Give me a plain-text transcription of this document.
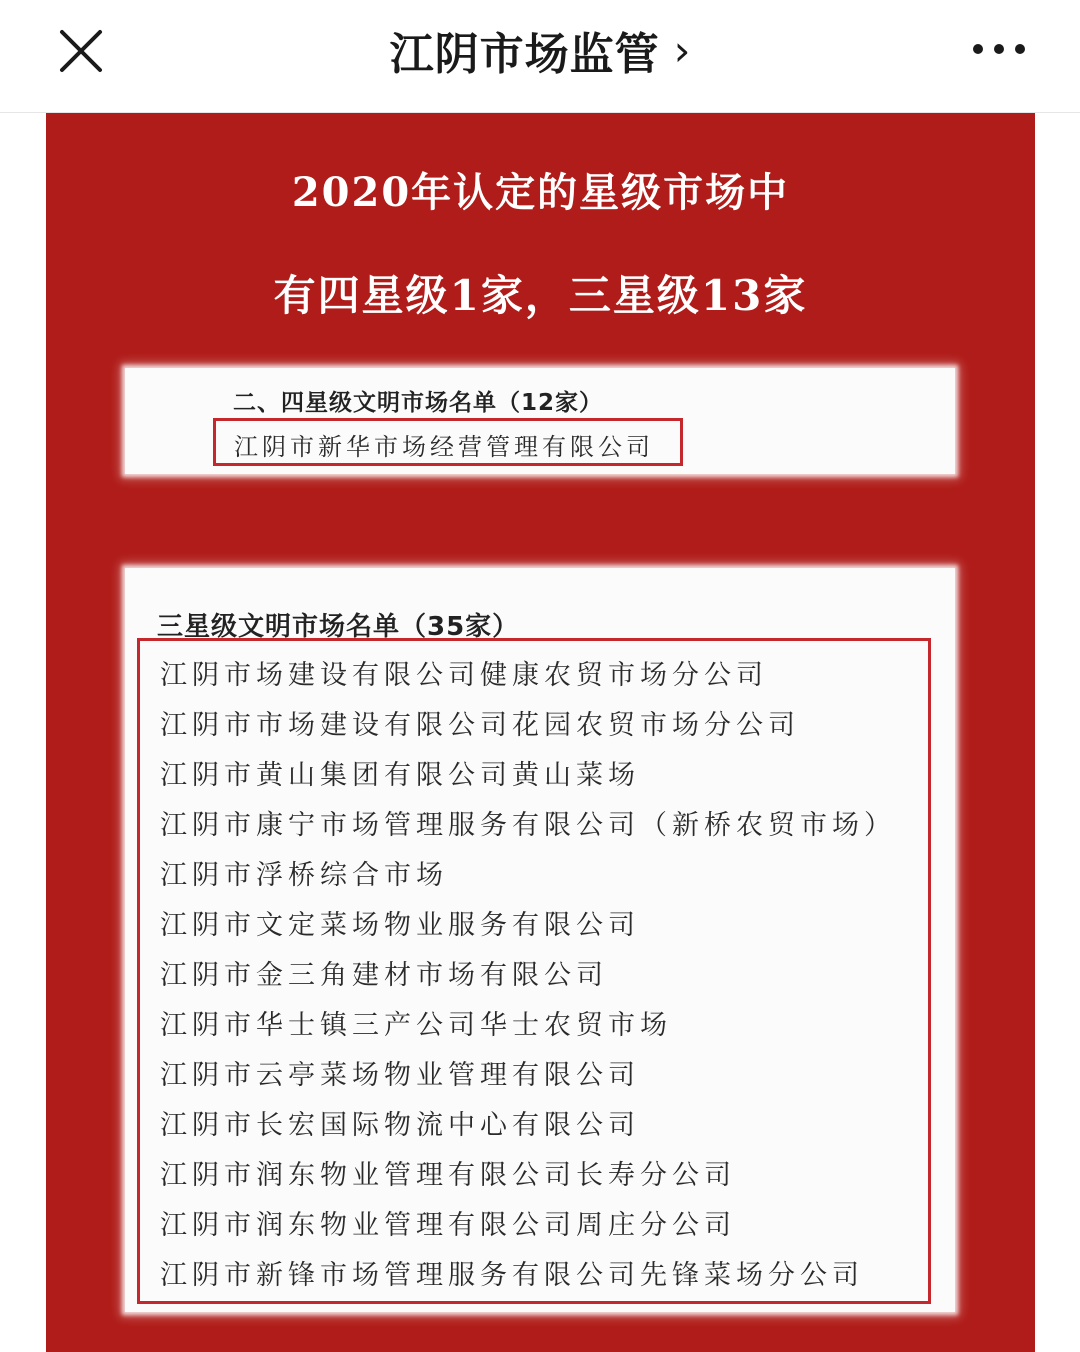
江阴市场监管 ›
2020年认定的星级市场中
有四星级1家，三星级13家
二、四星级文明市场名单（12家）
江阴市新华市场经营管理有限公司
三星级文明市场名单（35家）
江阴市场建设有限公司健康农贸市场分公司
江阴市市场建设有限公司花园农贸市场分公司
江阴市黄山集团有限公司黄山菜场
江阴市康宁市场管理服务有限公司（新桥农贸市场）
江阴市浮桥综合市场
江阴市文定菜场物业服务有限公司
江阴市金三角建材市场有限公司
江阴市华士镇三产公司华士农贸市场
江阴市云亭菜场物业管理有限公司
江阴市长宏国际物流中心有限公司
江阴市润东物业管理有限公司长寿分公司
江阴市润东物业管理有限公司周庄分公司
江阴市新锋市场管理服务有限公司先锋菜场分公司
